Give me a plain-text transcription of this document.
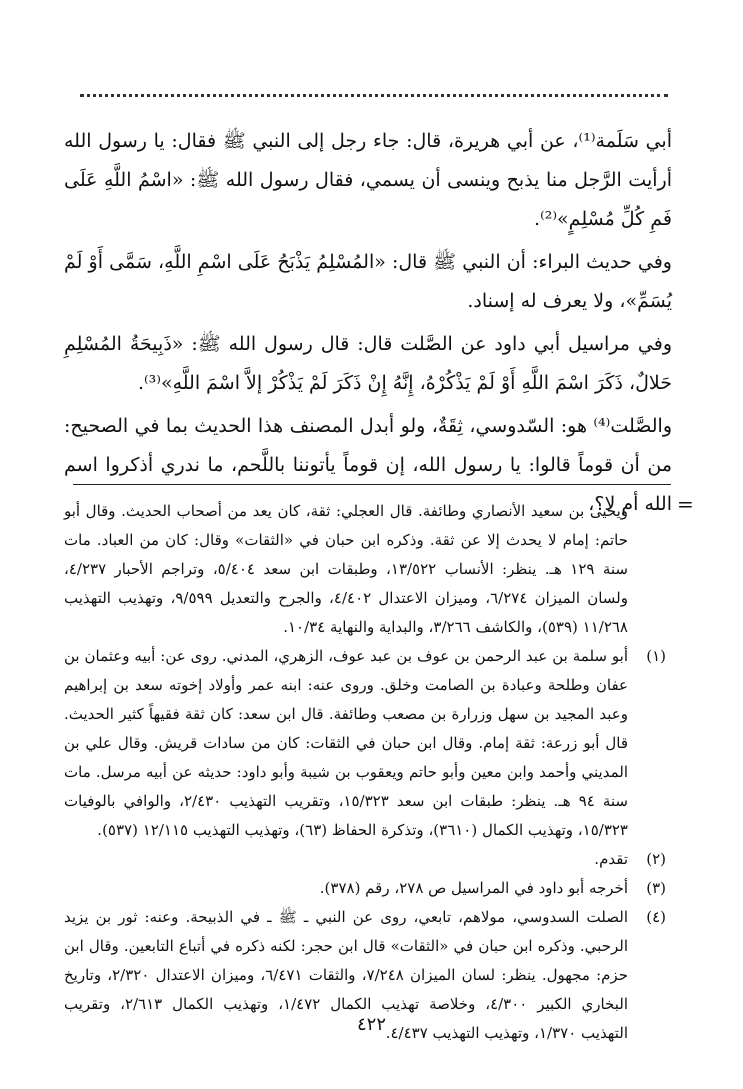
أبي سَلَمة⁽¹⁾، عن أبي هريرة، قال: جاء رجل إلى النبي ﷺ فقال: يا رسول الله أرأيت الرَّجل منا يذبح وينسى أن يسمي، فقال رسول الله ﷺ: «اسْمُ اللَّهِ عَلَى فَمِ كُلِّ مُسْلِمٍ»⁽²⁾.

وفي حديث البراء: أن النبي ﷺ قال: «المُسْلِمُ يَذْبَحُ عَلَى اسْمِ اللَّهِ، سَمَّى أَوْ لَمْ يُسَمِّ»، ولا يعرف له إسناد.

وفي مراسيل أبي داود عن الصَّلت قال: قال رسول الله ﷺ: «ذَبِيحَةُ المُسْلِمِ حَلالٌ، ذَكَرَ اسْمَ اللَّهِ أَوْ لَمْ يَذْكُرْهُ، إِنَّهُ إِنْ ذَكَرَ لَمْ يَذْكُرْ إلاَّ اسْمَ اللَّهِ»⁽³⁾.

والصَّلت⁽⁴⁾ هو: السّدوسي، ثِقَةٌ، ولو أبدل المصنف هذا الحديث بما في الصحيح: من أن قوماً قالوا: يا رسول الله، إن قوماً يأتوننا باللَّحم، ما ندري أذكروا اسم الله أم لا؟، =

ويحيى بن سعيد الأنصاري وطائفة. قال العجلي: ثقة، كان يعد من أصحاب الحديث. وقال أبو حاتم: إمام لا يحدث إلا عن ثقة. وذكره ابن حبان في «الثقات» وقال: كان من العباد. مات سنة ١٢٩ هـ. ينظر: الأنساب ١٣/٥٢٢، وطبقات ابن سعد ٥/٤٠٤، وتراجم الأحبار ٤/٢٣٧، ولسان الميزان ٦/٢٧٤، وميزان الاعتدال ٤/٤٠٢، والجرح والتعديل ٩/٥٩٩، وتهذيب التهذيب ١١/٢٦٨ (٥٣٩)، والكاشف ٣/٢٦٦، والبداية والنهاية ١٠/٣٤.

(١)

أبو سلمة بن عبد الرحمن بن عوف بن عبد عوف، الزهري، المدني. روى عن: أبيه وعثمان بن عفان وطلحة وعبادة بن الصامت وخلق. وروى عنه: ابنه عمر وأولاد إخوته سعد بن إبراهيم وعبد المجيد بن سهل وزرارة بن مصعب وطائفة. قال ابن سعد: كان ثقة فقيهاً كثير الحديث. قال أبو زرعة: ثقة إمام. وقال ابن حبان في الثقات: كان من سادات قريش. وقال علي بن المديني وأحمد وابن معين وأبو حاتم ويعقوب بن شيبة وأبو داود: حديثه عن أبيه مرسل. مات سنة ٩٤ هـ. ينظر: طبقات ابن سعد ١٥/٣٢٣، وتقريب التهذيب ٢/٤٣٠، والوافي بالوفيات ١٥/٣٢٣، وتهذيب الكمال (٣٦١٠)، وتذكرة الحفاظ (٦٣)، وتهذيب التهذيب ١٢/١١٥ (٥٣٧).

(٢)

تقدم.

(٣)

أخرجه أبو داود في المراسيل ص ٢٧٨، رقم (٣٧٨).

(٤)

الصلت السدوسي، مولاهم، تابعي، روى عن النبي ـ ﷺ ـ في الذبيحة. وعنه: ثور بن يزيد الرحبي. وذكره ابن حبان في «الثقات» قال ابن حجر: لكنه ذكره في أتباع التابعين. وقال ابن حزم: مجهول. ينظر: لسان الميزان ٧/٢٤٨، والثقات ٦/٤٧١، وميزان الاعتدال ٢/٣٢٠، وتاريخ البخاري الكبير ٤/٣٠٠، وخلاصة تهذيب الكمال ١/٤٧٢، وتهذيب الكمال ٢/٦١٣، وتقريب التهذيب ١/٣٧٠، وتهذيب التهذيب ٤/٤٣٧.

٤٢٢
